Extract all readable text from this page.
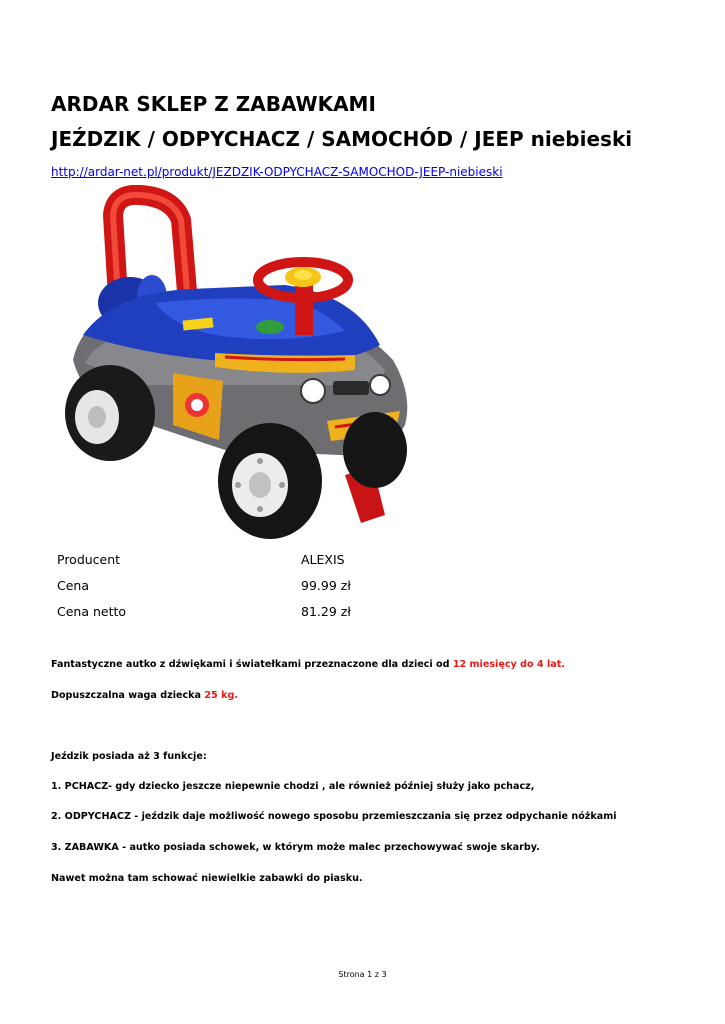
ARDAR SKLEP Z ZABAWKAMI
JEŹDZIK / ODPYCHACZ / SAMOCHÓD / JEEP niebieski
http://ardar-net.pl/produkt/JEZDZIK-ODPYCHACZ-SAMOCHOD-JEEP-niebieski
Producent	ALEXIS
Cena	99.99 zł
Cena netto	81.29 zł
Fantastyczne autko z dźwiękami i światełkami przeznaczone dla dzieci od 12 miesięcy do 4 lat.
Dopuszczalna waga dziecka 25 kg.
Jeździk posiada aż 3 funkcje:
1. PCHACZ- gdy dziecko jeszcze niepewnie chodzi , ale również później służy jako pchacz,
2. ODPYCHACZ - jeździk daje możliwość nowego sposobu przemieszczania się przez odpychanie nóżkami
3. ZABAWKA - autko posiada schowek, w którym może malec przechowywać swoje skarby.
Nawet można tam schować niewielkie zabawki do piasku.
Strona 1 z 3
